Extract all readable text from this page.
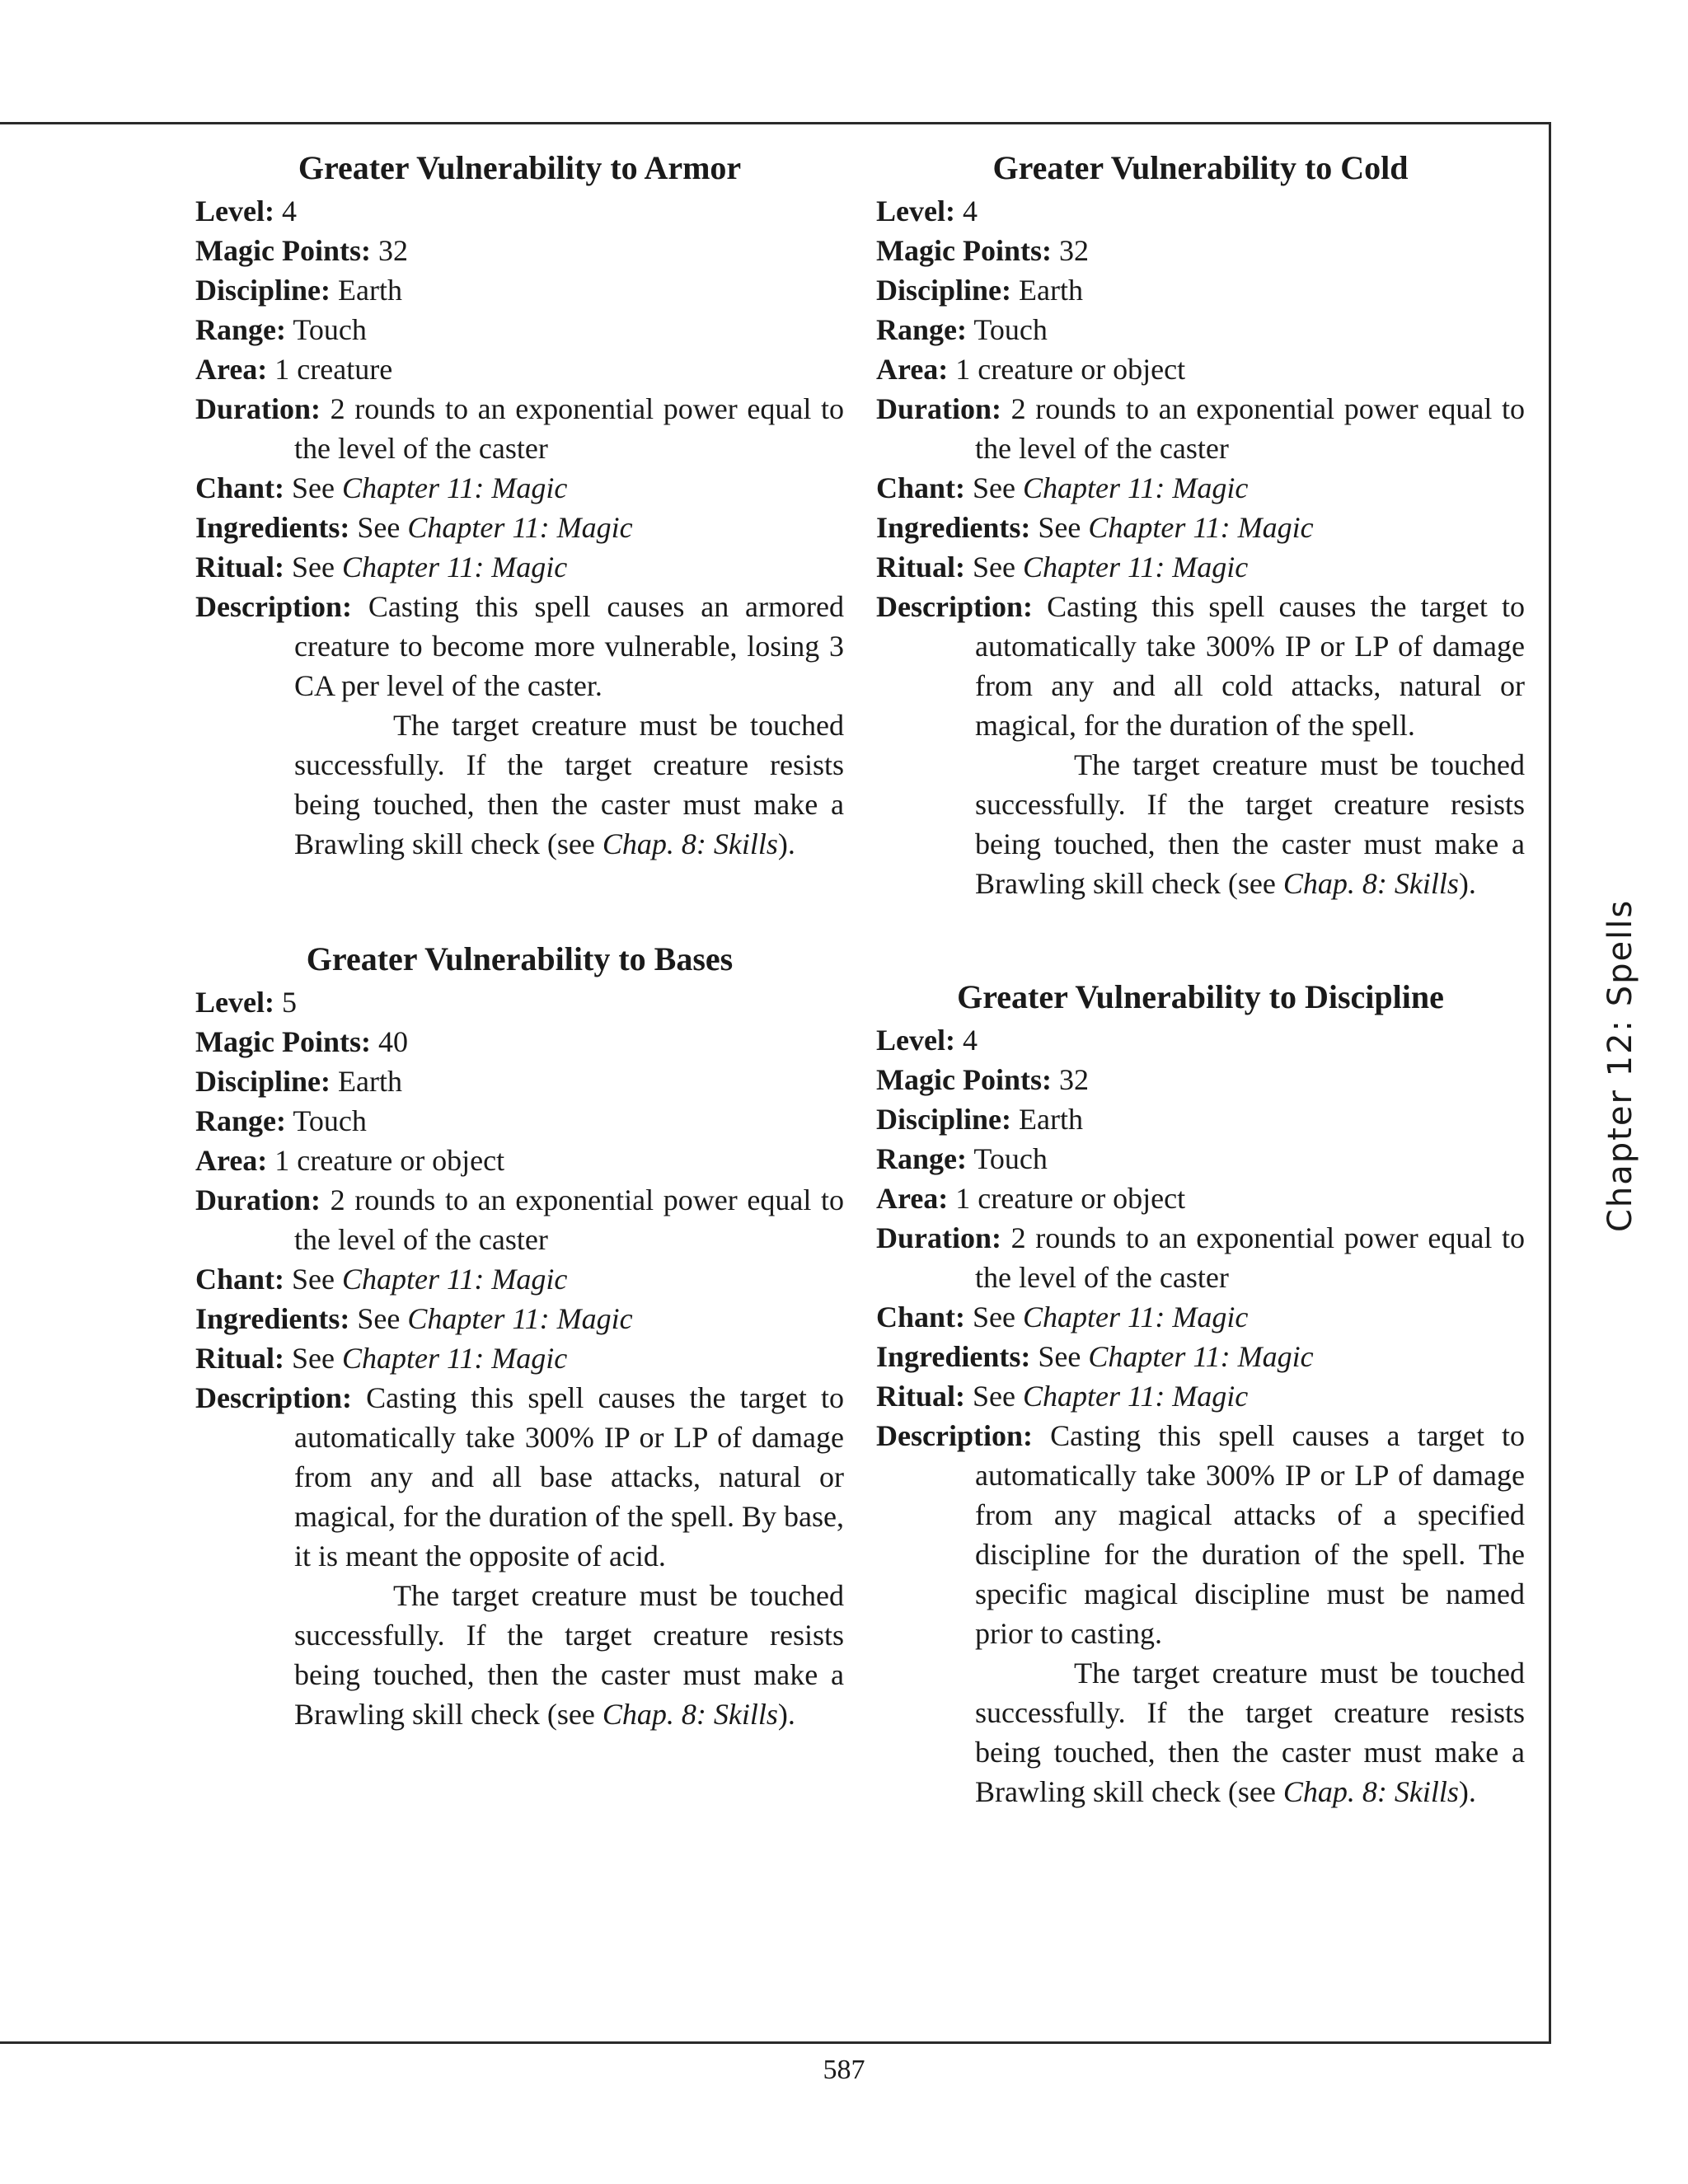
Greater Vulnerability to Armor

Level: 4

Magic Points: 32

Discipline: Earth

Range: Touch

Area: 1 creature

Duration: 2 rounds to an exponential power equal to the level of the caster

Chant: See Chapter 11: Magic

Ingredients: See Chapter 11: Magic

Ritual: See Chapter 11: Magic

Description: Casting this spell causes an armored creature to become more vulnerable, losing 3 CA per level of the caster.

The target creature must be touched successfully. If the target creature resists being touched, then the caster must make a Brawling skill check (see Chap. 8: Skills).

Greater Vulnerability to Bases

Level: 5

Magic Points: 40

Discipline: Earth

Range: Touch

Area: 1 creature or object

Duration: 2 rounds to an exponential power equal to the level of the caster

Chant: See Chapter 11: Magic

Ingredients: See Chapter 11: Magic

Ritual: See Chapter 11: Magic

Description: Casting this spell causes the target to automatically take 300% IP or LP of damage from any and all base attacks, natural or magical, for the duration of the spell. By base, it is meant the opposite of acid.

The target creature must be touched successfully. If the target creature resists being touched, then the caster must make a Brawling skill check (see Chap. 8: Skills).

Greater Vulnerability to Cold

Level: 4

Magic Points: 32

Discipline: Earth

Range: Touch

Area: 1 creature or object

Duration: 2 rounds to an exponential power equal to the level of the caster

Chant: See Chapter 11: Magic

Ingredients: See Chapter 11: Magic

Ritual: See Chapter 11: Magic

Description: Casting this spell causes the target to automatically take 300% IP or LP of damage from any and all cold attacks, natural or magical, for the duration of the spell.

The target creature must be touched successfully. If the target creature resists being touched, then the caster must make a Brawling skill check (see Chap. 8: Skills).

Greater Vulnerability to Discipline

Level: 4

Magic Points: 32

Discipline: Earth

Range: Touch

Area: 1 creature or object

Duration: 2 rounds to an exponential power equal to the level of the caster

Chant: See Chapter 11: Magic

Ingredients: See Chapter 11: Magic

Ritual: See Chapter 11: Magic

Description: Casting this spell causes a target to automatically take 300% IP or LP of damage from any magical attacks of a specified discipline for the duration of the spell. The specific magical discipline must be named prior to casting.

The target creature must be touched successfully. If the target creature resists being touched, then the caster must make a Brawling skill check (see Chap. 8: Skills).

Chapter 12: Spells
587
